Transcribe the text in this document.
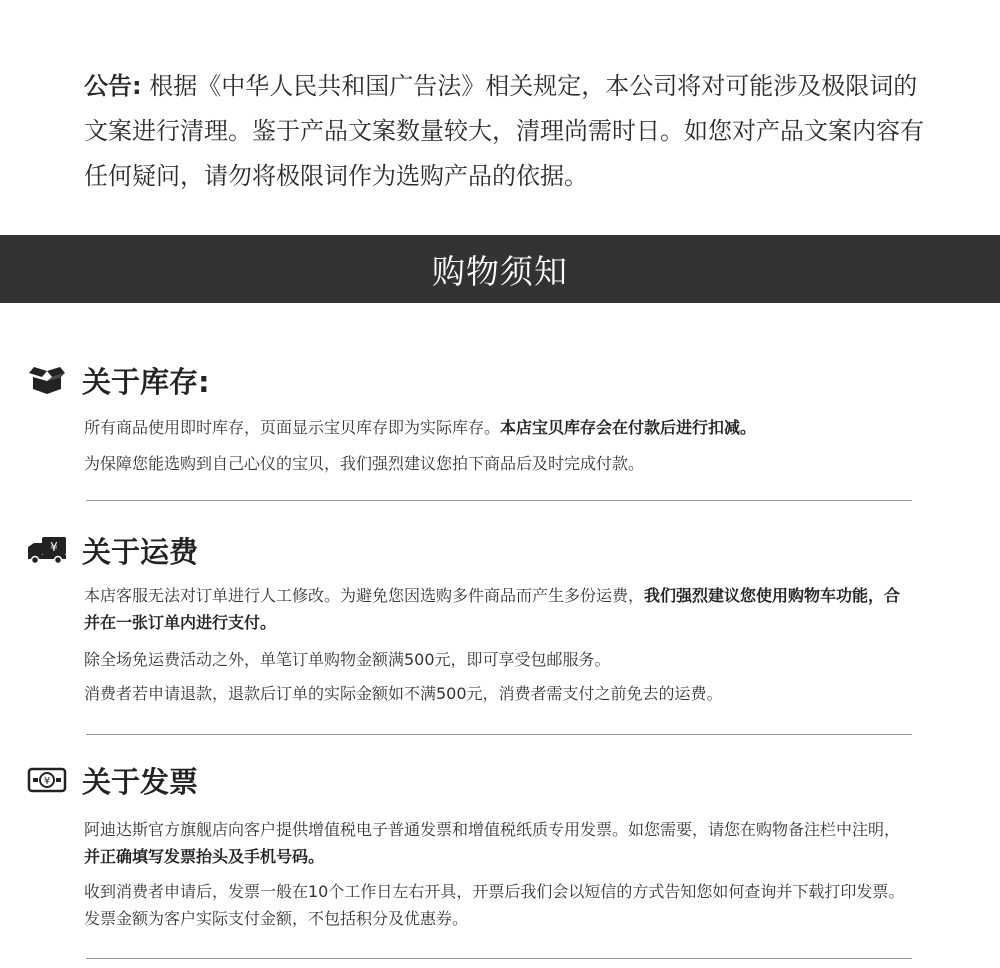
公告: 根据《中华人民共和国广告法》相关规定，本公司将对可能涉及极限词的文案进行清理。鉴于产品文案数量较大，清理尚需时日。如您对产品文案内容有任何疑问，请勿将极限词作为选购产品的依据。
购物须知
关于库存:
所有商品使用即时库存，页面显示宝贝库存即为实际库存。本店宝贝库存会在付款后进行扣减。
为保障您能选购到自己心仪的宝贝，我们强烈建议您拍下商品后及时完成付款。
¥ 关于运费
本店客服无法对订单进行人工修改。为避免您因选购多件商品而产生多份运费，我们强烈建议您使用购物车功能，合并在一张订单内进行支付。
除全场免运费活动之外，单笔订单购物金额满500元，即可享受包邮服务。
消费者若申请退款，退款后订单的实际金额如不满500元，消费者需支付之前免去的运费。
¥ 关于发票
阿迪达斯官方旗舰店向客户提供增值税电子普通发票和增值税纸质专用发票。如您需要，请您在购物备注栏中注明，并正确填写发票抬头及手机号码。
收到消费者申请后，发票一般在10个工作日左右开具，开票后我们会以短信的方式告知您如何查询并下载打印发票。发票金额为客户实际支付金额，不包括积分及优惠券。
